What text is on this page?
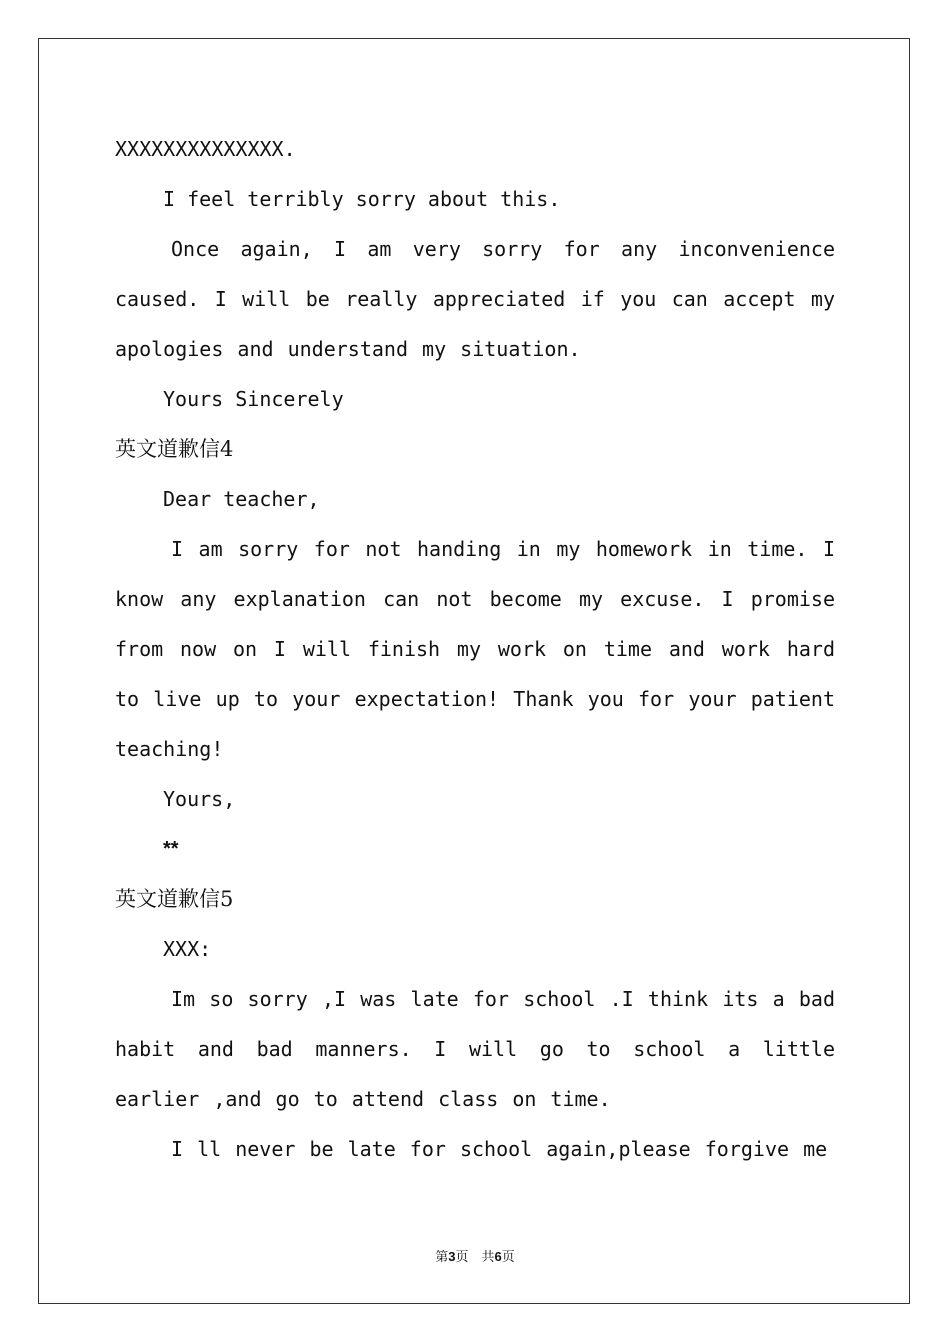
XXXXXXXXXXXXXX.
I feel terribly sorry about this.
Once again, I am very sorry for any inconvenience caused. I will be really appreciated if you can accept my apologies and understand my situation.
Yours Sincerely
英文道歉信4
Dear teacher,
I am sorry for not handing in my homework in time. I know any explanation can not become my excuse. I promise from now on I will finish my work on time and work hard to live up to your expectation! Thank you for your patient teaching!
Yours,
**
英文道歉信5
XXX:
Im so sorry ,I was late for school .I think its a bad habit and bad manners. I will go to school a little earlier ,and go to attend class on time.
I ll never be late for school again,please forgive me
第3页　共6页
